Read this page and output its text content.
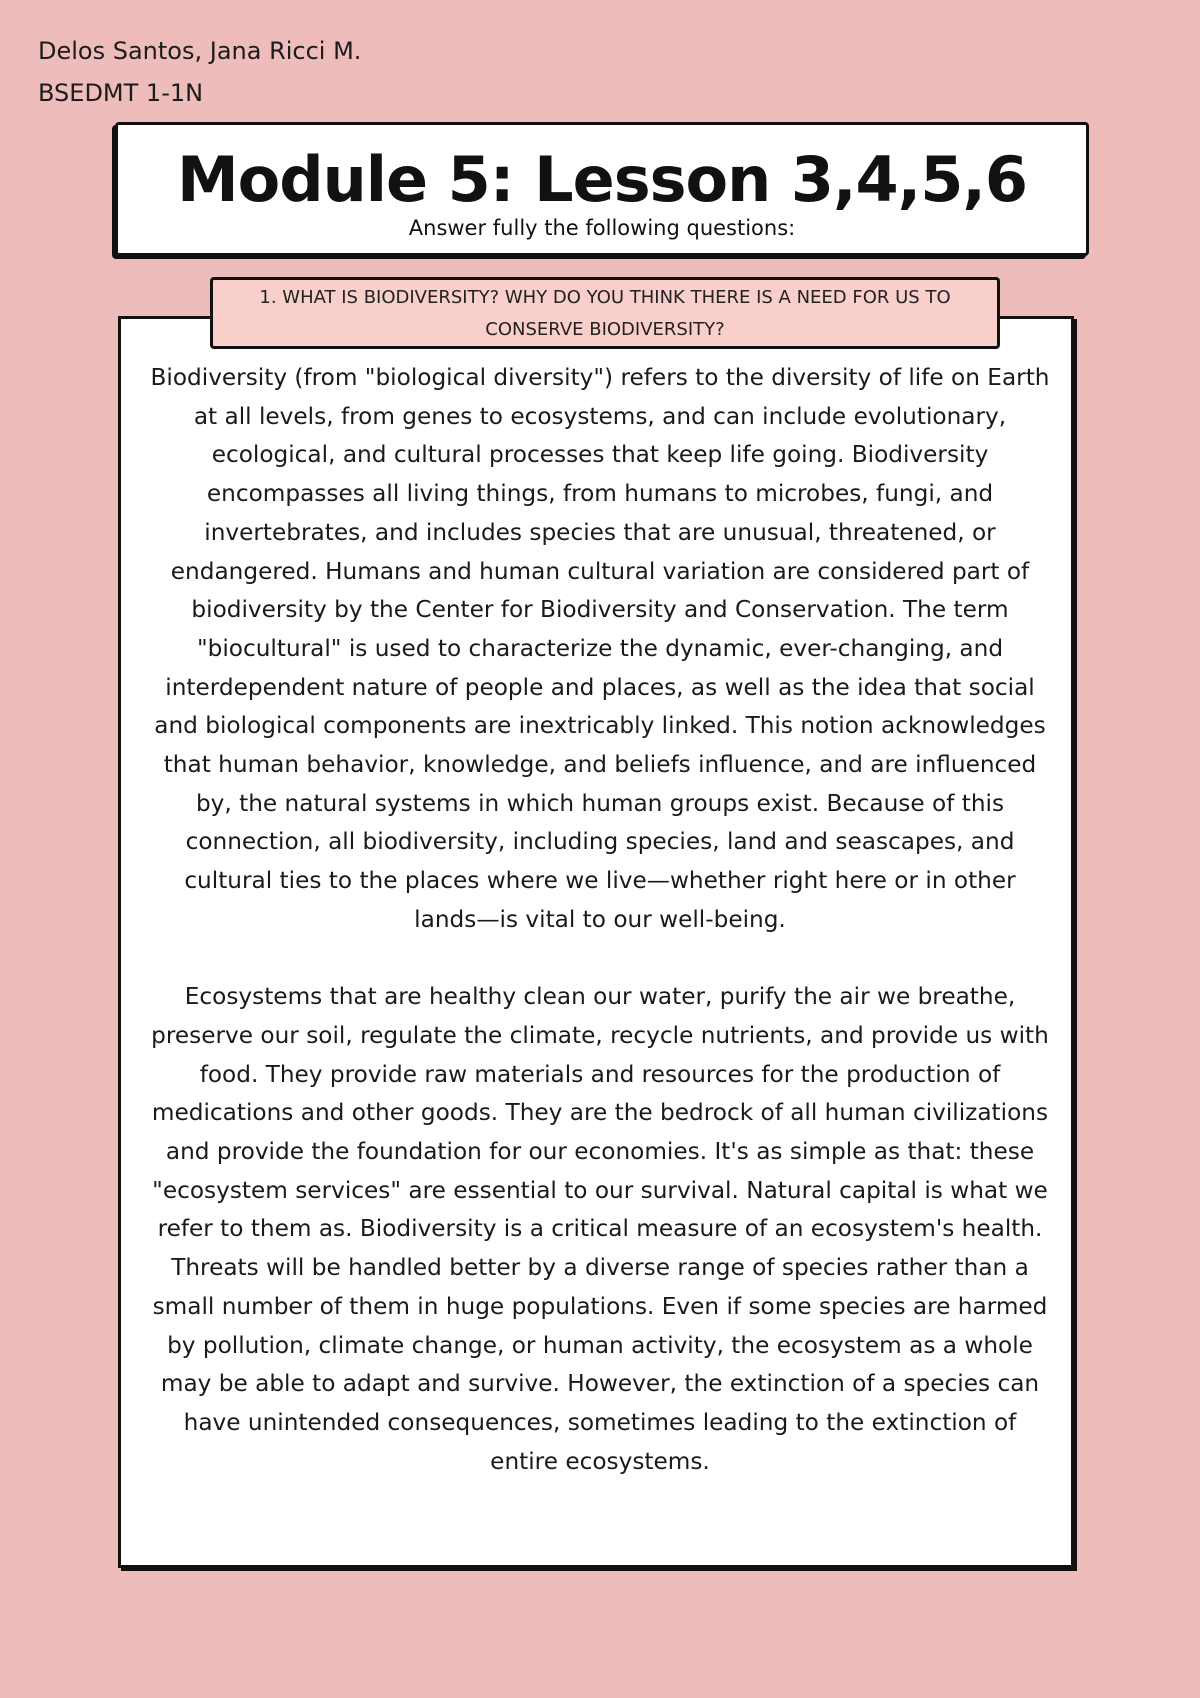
Delos Santos, Jana Ricci M.
BSEDMT 1-1N
Module 5: Lesson 3,4,5,6
Answer fully the following questions:
1. WHAT IS BIODIVERSITY? WHY DO YOU THINK THERE IS A NEED FOR US TO
CONSERVE BIODIVERSITY?

Biodiversity (from "biological diversity") refers to the diversity of life on Earth at all levels, from genes to ecosystems, and can include evolutionary, ecological, and cultural processes that keep life going. Biodiversity encompasses all living things, from humans to microbes, fungi, and invertebrates, and includes species that are unusual, threatened, or endangered. Humans and human cultural variation are considered part of biodiversity by the Center for Biodiversity and Conservation. The term "biocultural" is used to characterize the dynamic, ever-changing, and interdependent nature of people and places, as well as the idea that social and biological components are inextricably linked. This notion acknowledges that human behavior, knowledge, and beliefs influence, and are influenced by, the natural systems in which human groups exist. Because of this connection, all biodiversity, including species, land and seascapes, and cultural ties to the places where we live—whether right here or in other lands—is vital to our well-being.

Ecosystems that are healthy clean our water, purify the air we breathe, preserve our soil, regulate the climate, recycle nutrients, and provide us with food. They provide raw materials and resources for the production of medications and other goods. They are the bedrock of all human civilizations and provide the foundation for our economies. It's as simple as that: these "ecosystem services" are essential to our survival. Natural capital is what we refer to them as. Biodiversity is a critical measure of an ecosystem's health. Threats will be handled better by a diverse range of species rather than a small number of them in huge populations. Even if some species are harmed by pollution, climate change, or human activity, the ecosystem as a whole may be able to adapt and survive. However, the extinction of a species can have unintended consequences, sometimes leading to the extinction of entire ecosystems.
